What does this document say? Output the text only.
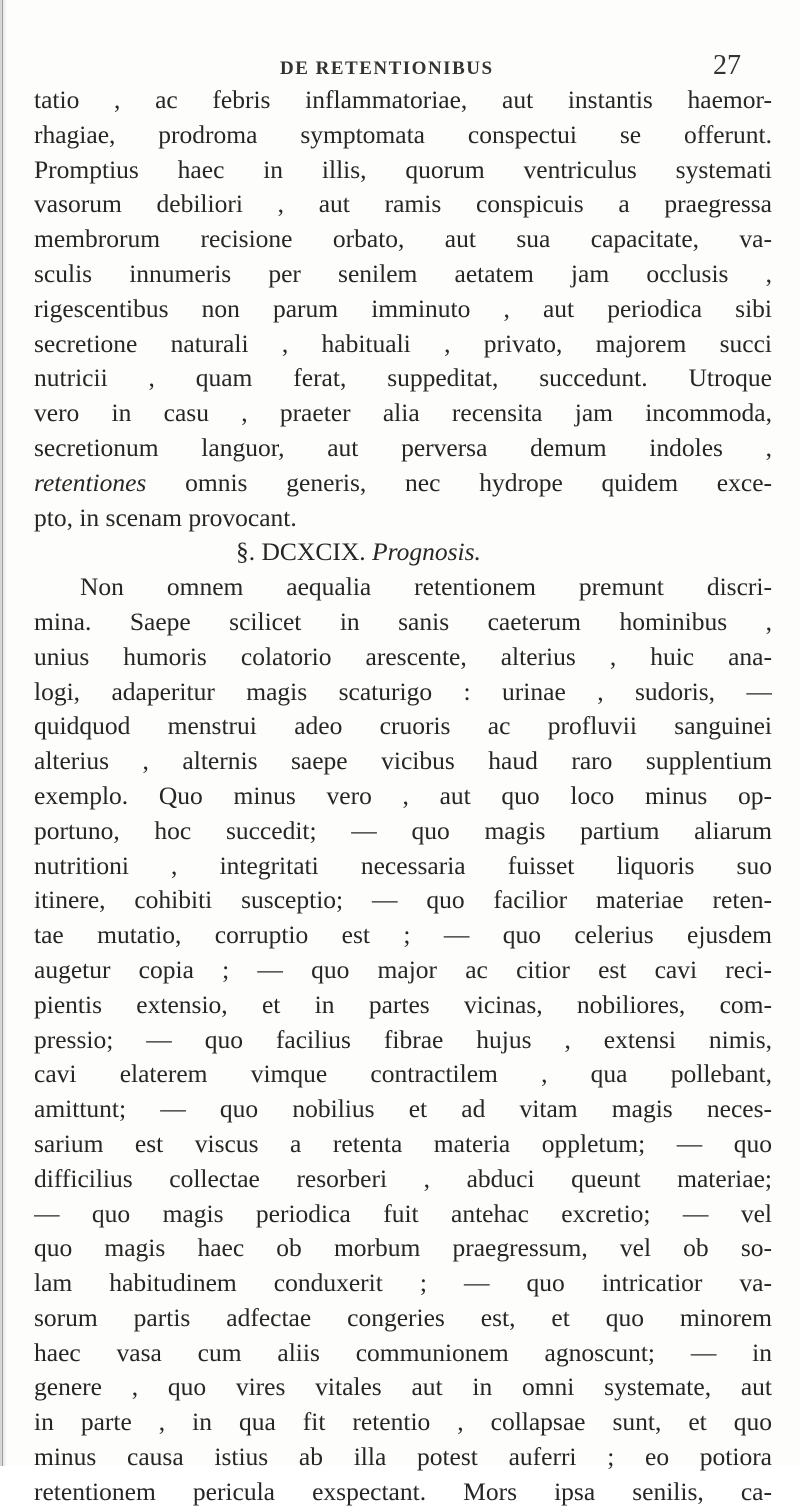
DE RETENTIONIBUS	27
tatio , ac febris inflammatoriae, aut instantis haemor-
rhagiae, prodroma symptomata conspectui se offerunt.
Promptius haec in illis, quorum ventriculus systemati
vasorum debiliori , aut ramis conspicuis a praegressa
membrorum recisione orbato, aut sua capacitate, va-
sculis innumeris per senilem aetatem jam occlusis ,
rigescentibus non parum imminuto , aut periodica sibi
secretione naturali , habituali , privato, majorem succi
nutricii , quam ferat, suppeditat, succedunt. Utroque
vero in casu , praeter alia recensita jam incommoda,
secretionum languor, aut perversa demum indoles ,
retentiones omnis generis, nec hydrope quidem exce-
pto, in scenam provocant.
§. DCXCIX. Prognosis.
Non omnem aequalia retentionem premunt discri-
mina. Saepe scilicet in sanis caeterum hominibus ,
unius humoris colatorio arescente, alterius , huic ana-
logi, adaperitur magis scaturigo : urinae , sudoris, —
quidquod menstrui adeo cruoris ac profluvii sanguinei
alterius , alternis saepe vicibus haud raro supplentium
exemplo. Quo minus vero , aut quo loco minus op-
portuno, hoc succedit; — quo magis partium aliarum
nutritioni , integritati necessaria fuisset liquoris suo
itinere, cohibiti susceptio; — quo facilior materiae reten-
tae mutatio, corruptio est ; — quo celerius ejusdem
augetur copia ; — quo major ac citior est cavi reci-
pientis extensio, et in partes vicinas, nobiliores, com-
pressio; — quo facilius fibrae hujus , extensi nimis,
cavi elaterem vimque contractilem , qua pollebant,
amittunt; — quo nobilius et ad vitam magis neces-
sarium est viscus a retenta materia oppletum; — quo
difficilius collectae resorberi , abduci queunt materiae;
— quo magis periodica fuit antehac excretio; — vel
quo magis haec ob morbum praegressum, vel ob so-
lam habitudinem conduxerit ; — quo intricatior va-
sorum partis adfectae congeries est, et quo minorem
haec vasa cum aliis communionem agnoscunt; — in
genere , quo vires vitales aut in omni systemate, aut
in parte , in qua fit retentio , collapsae sunt, et quo
minus causa istius ab illa potest auferri ; eo potiora
retentionem pericula exspectant. Mors ipsa senilis, ca-
